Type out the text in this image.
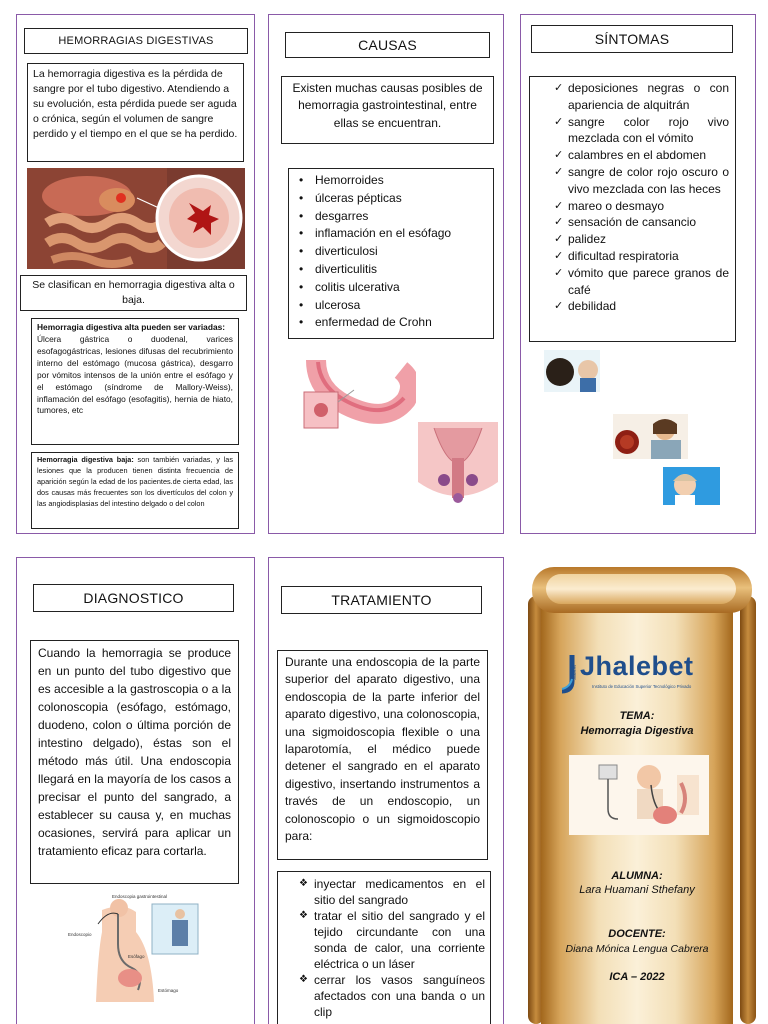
HEMORRAGIAS DIGESTIVAS
La hemorragia digestiva es la pérdida de sangre por el tubo digestivo. Atendiendo a su evolución, esta pérdida puede ser aguda o crónica, según el volumen de sangre perdido y el tiempo en el que se ha perdido.
Se clasifican en hemorragia digestiva alta o baja.
Hemorragia digestiva alta pueden ser variadas:
Úlcera gástrica o duodenal, varices esofagogástricas, lesiones difusas del recubrimiento interno del estómago (mucosa gástrica), desgarro por vómitos intensos de la unión entre el esófago y el estómago (síndrome de Mallory-Weiss), inflamación del esófago (esofagitis), hernia de hiato, tumores, etc
Hemorragia digestiva baja: son también variadas, y las lesiones que la producen tienen distinta frecuencia de aparición según la edad de los pacientes.de cierta edad, las dos causas más frecuentes son los divertículos del colon y las angiodisplasias del intestino delgado o del colon
CAUSAS
Existen muchas causas posibles de hemorragia gastrointestinal, entre ellas se encuentran.
• Hemorroides
• úlceras pépticas
• desgarres
• inflamación en el esófago
• diverticulosi
• diverticulitis
• colitis ulcerativa
• ulcerosa
• enfermedad de Crohn
SÍNTOMAS
✓ deposiciones negras o con apariencia de alquitrán
✓ sangre color rojo vivo mezclada con el vómito
✓ calambres en el abdomen
✓ sangre de color rojo oscuro o vivo mezclada con las heces
✓ mareo o desmayo
✓ sensación de cansancio
✓ palidez
✓ dificultad respiratoria
✓ vómito que parece granos de café
✓ debilidad
DIAGNOSTICO
Cuando la hemorragia se produce en un punto del tubo digestivo que es accesible a la gastroscopia o a la colonoscopia (esófago, estómago, duodeno, colon o última porción de intestino delgado), éstas son el método más útil. Una endoscopia llegará en la mayoría de los casos a precisar el punto del sangrado, a establecer su causa y, en muchas ocasiones, servirá para aplicar un tratamiento eficaz para cortarla.
Endoscopia gastrointestinal
Endoscopio
Esófago
Estómago
TRATAMIENTO
Durante una endoscopia de la parte superior del aparato digestivo, una endoscopia de la parte inferior del aparato digestivo, una colonoscopia, una sigmoidoscopia flexible o una laparotomía, el médico puede detener el sangrado en el aparato digestivo, insertando instrumentos a través de un endoscopio, un colonoscopio o un sigmoidoscopio para:
❖ inyectar medicamentos en el sitio del sangrado
❖ tratar el sitio del sangrado y el tejido circundante con una sonda de calor, una corriente eléctrica o un láser
❖ cerrar los vasos sanguíneos afectados con una banda o un clip
Jhalebet Jhalebet
Instituto de Educación Superior Tecnológico Privado
TEMA:
Hemorragia Digestiva
ALUMNA:
Lara Huamani Sthefany
DOCENTE:
Diana Mónica Lengua Cabrera
ICA – 2022
